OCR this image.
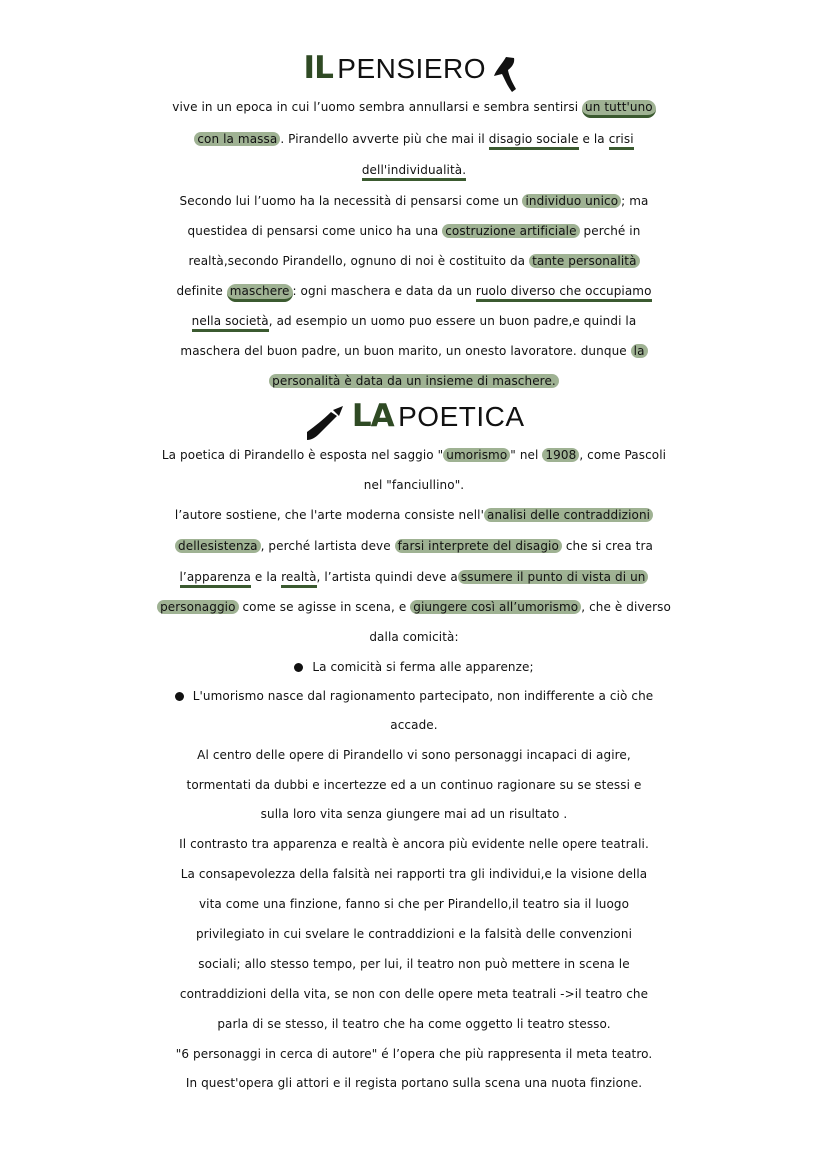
IL PENSIERO
vive in un epoca in cui l’uomo sembra annullarsi e sembra sentirsi un tutt'uno
con la massa . Pirandello avverte più che mai il disagio sociale e la crisi
dell'individualità.
Secondo lui l’uomo ha la necessità di pensarsi come un individuo unico ; ma
questidea di pensarsi come unico ha una costruzione artificiale perché in
realtà,secondo Pirandello, ognuno di noi è costituito da tante personalità
definite maschere : ogni maschera e data da un ruolo diverso che occupiamo
nella società, ad esempio un uomo puo essere un buon padre,e quindi la
maschera del buon padre, un buon marito, un onesto lavoratore. dunque la
personalità è data da un insieme di maschere.
LA POETICA
La poetica di Pirandello è esposta nel saggio " umorismo " nel 1908 , come Pascoli
nel "fanciullino".
l’autore sostiene, che l'arte moderna consiste nell' analisi delle contraddizioni
dellesistenza , perché lartista deve farsi interprete del disagio che si crea tra
l’apparenza e la realtà, l’artista quindi deve a ssumere il punto di vista di un
personaggio come se agisse in scena, e giungere così all’umorismo , che è diverso
dalla comicità:
La comicità si ferma alle apparenze;
L'umorismo nasce dal ragionamento partecipato, non indifferente a ciò che
accade.
Al centro delle opere di Pirandello vi sono personaggi incapaci di agire,
tormentati da dubbi e incertezze ed a un continuo ragionare su se stessi e
sulla loro vita senza giungere mai ad un risultato .
Il contrasto tra apparenza e realtà è ancora più evidente nelle opere teatrali.
La consapevolezza della falsità nei rapporti tra gli individui,e la visione della
vita come una finzione, fanno si che per Pirandello,il teatro sia il luogo
privilegiato in cui svelare le contraddizioni e la falsità delle convenzioni
sociali; allo stesso tempo, per lui, il teatro non può mettere in scena le
contraddizioni della vita, se non con delle opere meta teatrali ->il teatro che
parla di se stesso, il teatro che ha come oggetto li teatro stesso.
"6 personaggi in cerca di autore" é l’opera che più rappresenta il meta teatro.
In quest'opera gli attori e il regista portano sulla scena una nuota finzione.
